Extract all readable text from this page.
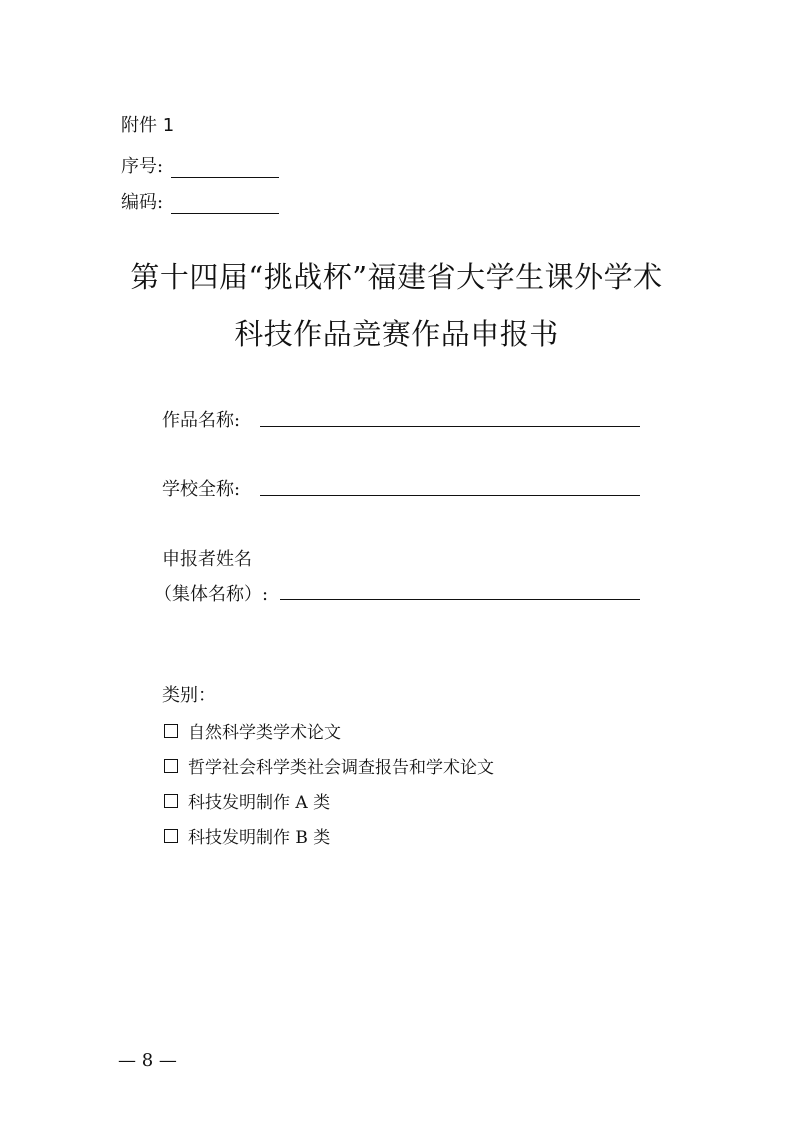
附件 1
序号:
编码:
第十四届“挑战杯”福建省大学生课外学术
科技作品竞赛作品申报书
作品名称:
学校全称:
申报者姓名
（集体名称）:
类别：
自然科学类学术论文
哲学社会科学类社会调查报告和学术论文
科技发明制作 A 类
科技发明制作 B 类
— 8 —
